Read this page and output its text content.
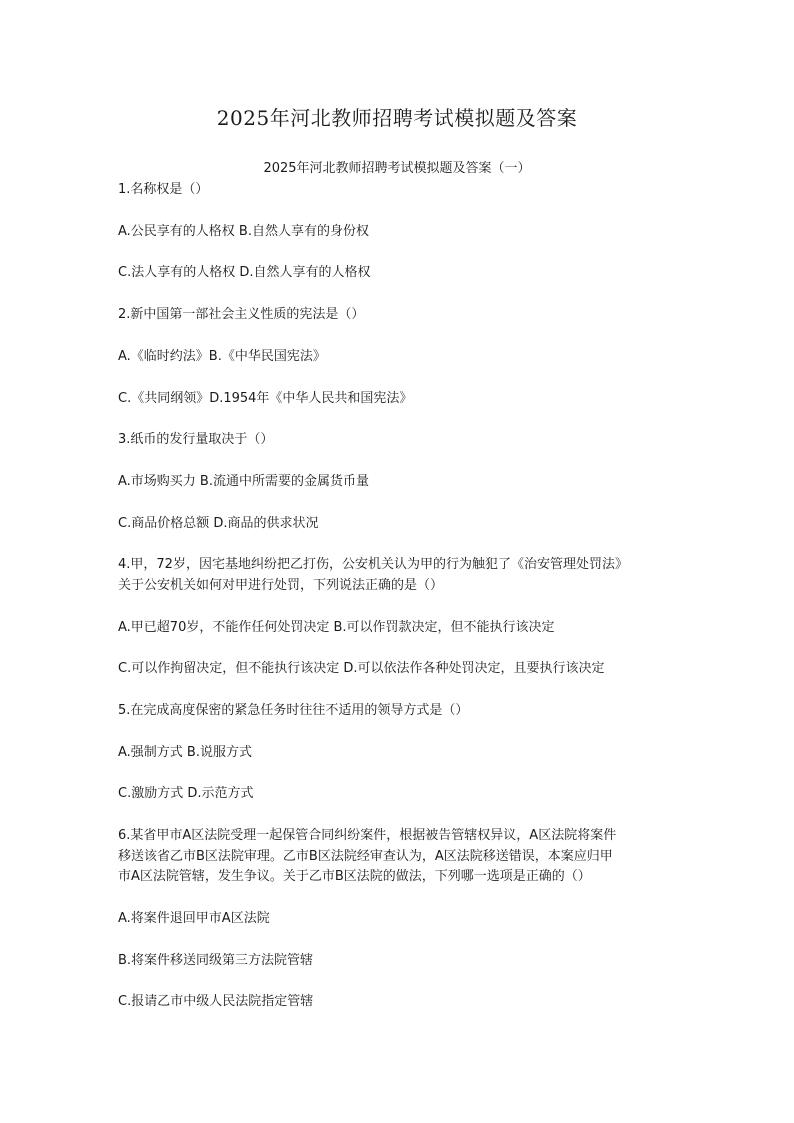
2025年河北教师招聘考试模拟题及答案
2025年河北教师招聘考试模拟题及答案（一）
1.名称权是（）
A.公民享有的人格权 B.自然人享有的身份权
C.法人享有的人格权 D.自然人享有的人格权
2.新中国第一部社会主义性质的宪法是（）
A.《临时约法》B.《中华民国宪法》
C.《共同纲领》D.1954年《中华人民共和国宪法》
3.纸币的发行量取决于（）
A.市场购买力 B.流通中所需要的金属货币量
C.商品价格总额 D.商品的供求状况
4.甲，72岁，因宅基地纠纷把乙打伤，公安机关认为甲的行为触犯了《治安管理处罚法》
关于公安机关如何对甲进行处罚，下列说法正确的是（）
A.甲已超70岁，不能作任何处罚决定 B.可以作罚款决定，但不能执行该决定
C.可以作拘留决定，但不能执行该决定 D.可以依法作各种处罚决定，且要执行该决定
5.在完成高度保密的紧急任务时往往不适用的领导方式是（）
A.强制方式 B.说服方式
C.激励方式 D.示范方式
6.某省甲市A区法院受理一起保管合同纠纷案件，根据被告管辖权异议，A区法院将案件
移送该省乙市B区法院审理。乙市B区法院经审查认为，A区法院移送错误，本案应归甲
市A区法院管辖，发生争议。关于乙市B区法院的做法，下列哪一选项是正确的（）
A.将案件退回甲市A区法院
B.将案件移送同级第三方法院管辖
C.报请乙市中级人民法院指定管辖
